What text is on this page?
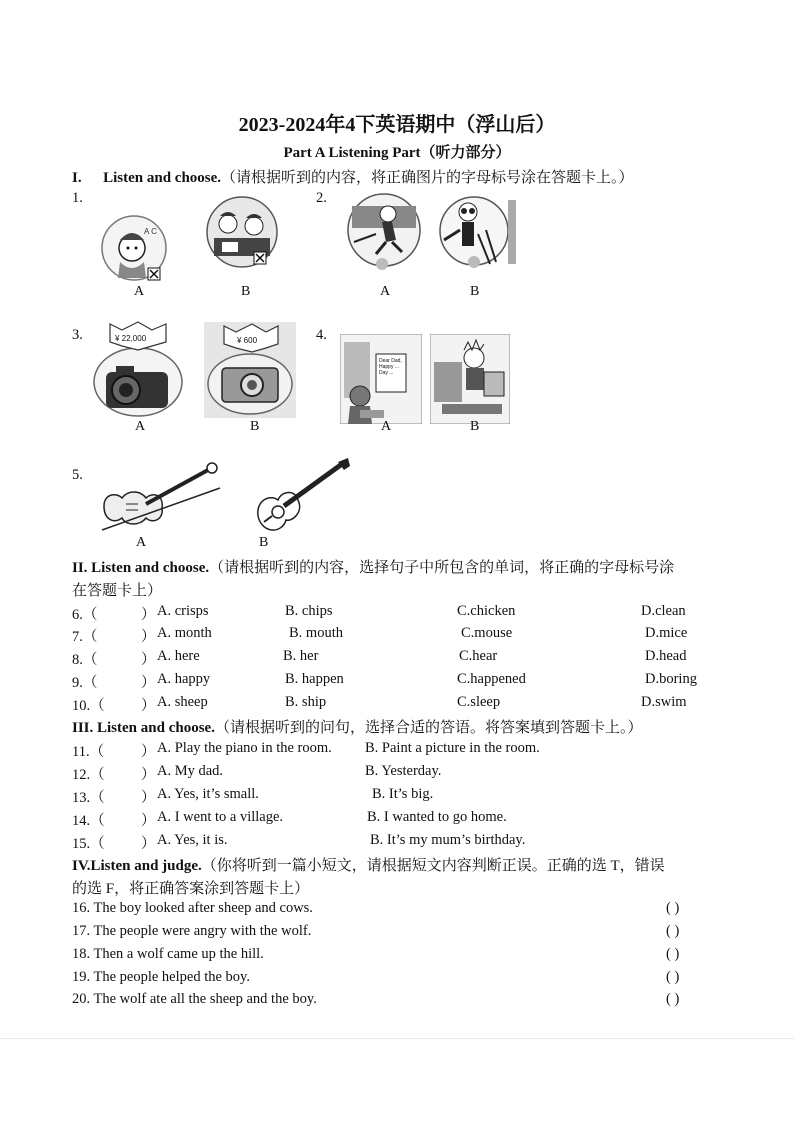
2023-2024年4下英语期中（浮山后）
Part A Listening Part（听力部分）
I. Listen and choose.（请根据听到的内容，将正确图片的字母标号涂在答题卡上。）
1.
A C
A	B
2.
A	B
3.	¥ 22,000
A
¥ 600
B
4.
Dear Dad, Happy ... Day ...
A	B
5.
A	B
II. Listen and choose.（请根据听到的内容，选择句子中所包含的单词，将正确的字母标号涂
在答题卡上）
6.（	） A. crisps	B. chips	C.chicken	D.clean
7.（	） A. month	B. mouth	C.mouse	D.mice
8.（	） A. here	B. her	C.hear	D.head
9.（	） A. happy	B. happen	C.happened	D.boring
10.（	） A. sheep	B. ship	C.sleep	D.swim
III. Listen and choose.（请根据听到的问句，选择合适的答语。将答案填到答题卡上。）
11.（	） A. Play the piano in the room. B. Paint a picture in the room.
12.（	） A. My dad.	B. Yesterday.
13.（	） A. Yes, it’s small.	B. It’s big.
14.（	） A. I went to a village.	B. I wanted to go home.
15.（	） A. Yes, it is.	B. It’s my mum’s birthday.
IV.Listen and judge.（你将听到一篇小短文，请根据短文内容判断正误。正确的选 T，错误
的选 F，将正确答案涂到答题卡上）
16. The boy looked after sheep and cows.	( )
17. The people were angry with the wolf.	( )
18. Then a wolf came up the hill.	( )
19. The people helped the boy.	( )
20. The wolf ate all the sheep and the boy.	( )
